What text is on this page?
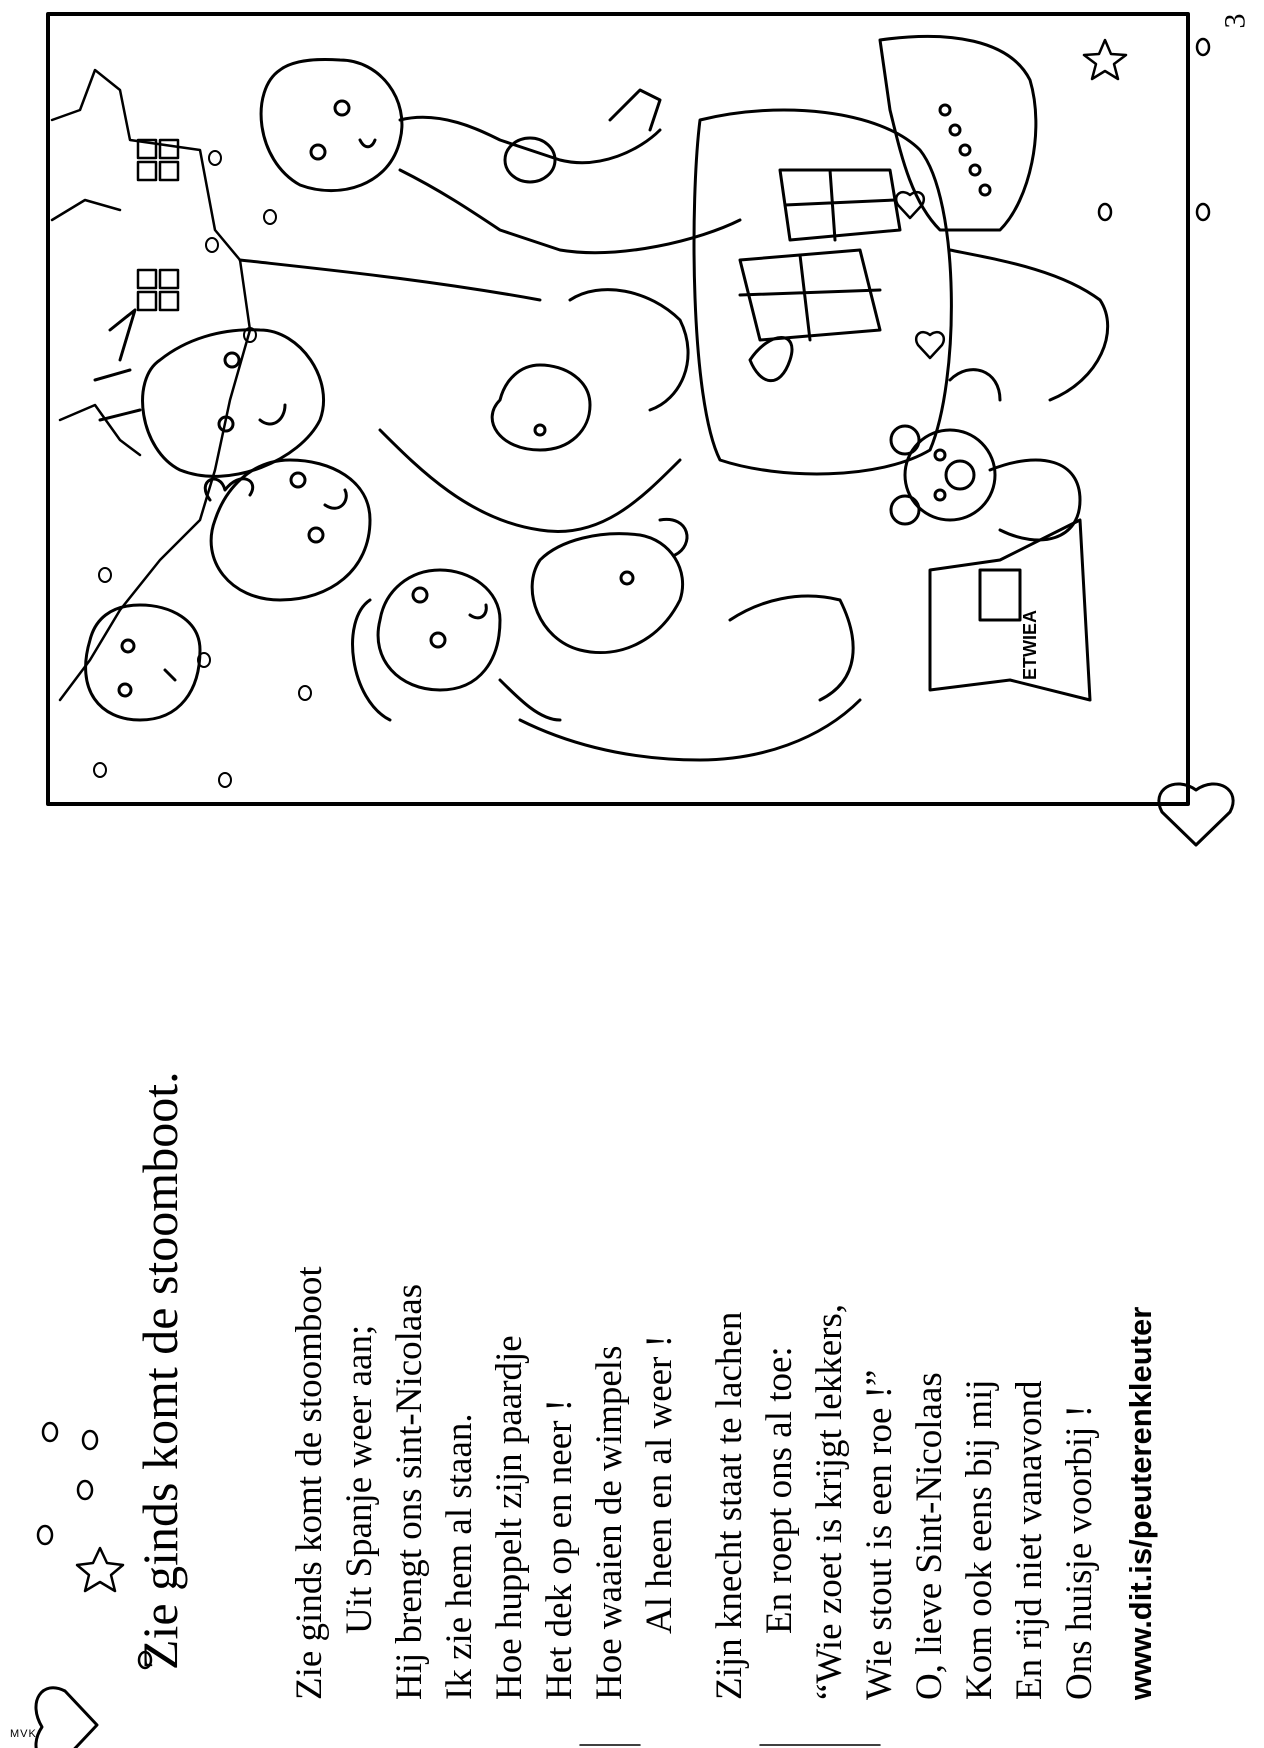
ETWIEA
3
Zie ginds komt de stoomboot.	Zie ginds komt de stoomboot Uit Spanje weer aan; Hij brengt ons sint-Nicolaas Ik zie hem al staan. Hoe huppelt zijn paardje Het dek op en neer ! Hoe waaien de wimpels Al heen en al weer ! Zijn knecht staat te lachen En roept ons al toe: “Wie zoet is krijgt lekkers, Wie stout is een roe !” O, lieve Sint-Nicolaas Kom ook eens bij mij En rijd niet vanavond Ons huisje voorbij ! www.dit.is/peuterenkleuter
MVK
